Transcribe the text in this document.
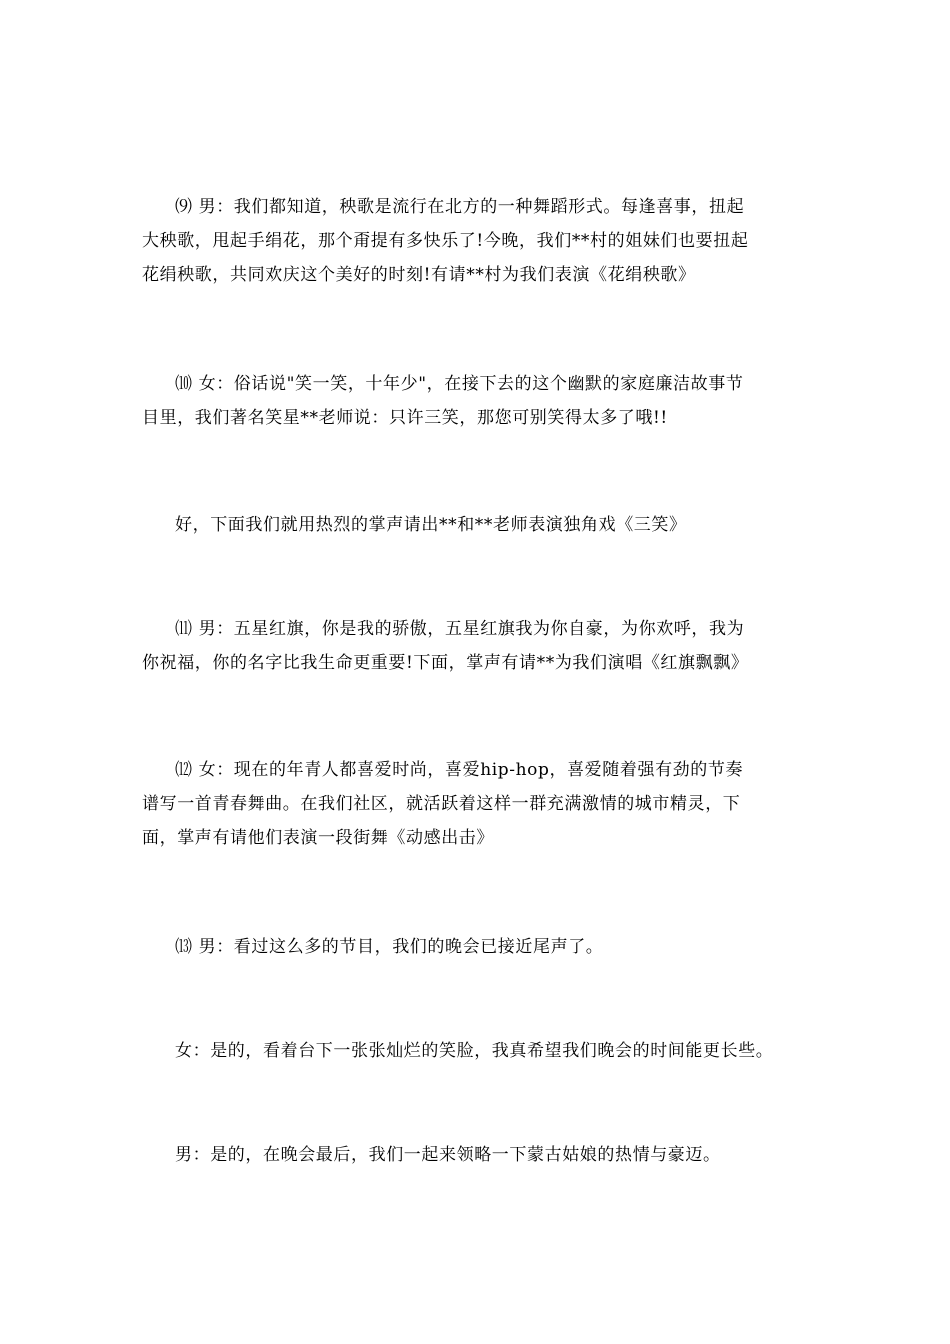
⑼ 男：我们都知道，秧歌是流行在北方的一种舞蹈形式。每逢喜事，扭起
大秧歌，甩起手绢花，那个甭提有多快乐了!今晚，我们**村的姐妹们也要扭起
花绢秧歌，共同欢庆这个美好的时刻!有请**村为我们表演《花绢秧歌》
⑽ 女：俗话说"笑一笑，十年少"，在接下去的这个幽默的家庭廉洁故事节
目里，我们著名笑星**老师说：只许三笑，那您可别笑得太多了哦!!
好，下面我们就用热烈的掌声请出**和**老师表演独角戏《三笑》
⑾ 男：五星红旗，你是我的骄傲，五星红旗我为你自豪，为你欢呼，我为
你祝福，你的名字比我生命更重要!下面，掌声有请**为我们演唱《红旗飘飘》
⑿ 女：现在的年青人都喜爱时尚，喜爱hip-hop，喜爱随着强有劲的节奏
谱写一首青春舞曲。在我们社区，就活跃着这样一群充满激情的城市精灵，下
面，掌声有请他们表演一段街舞《动感出击》
⒀ 男：看过这么多的节目，我们的晚会已接近尾声了。
女：是的，看着台下一张张灿烂的笑脸，我真希望我们晚会的时间能更长些。
男：是的，在晚会最后，我们一起来领略一下蒙古姑娘的热情与豪迈。
